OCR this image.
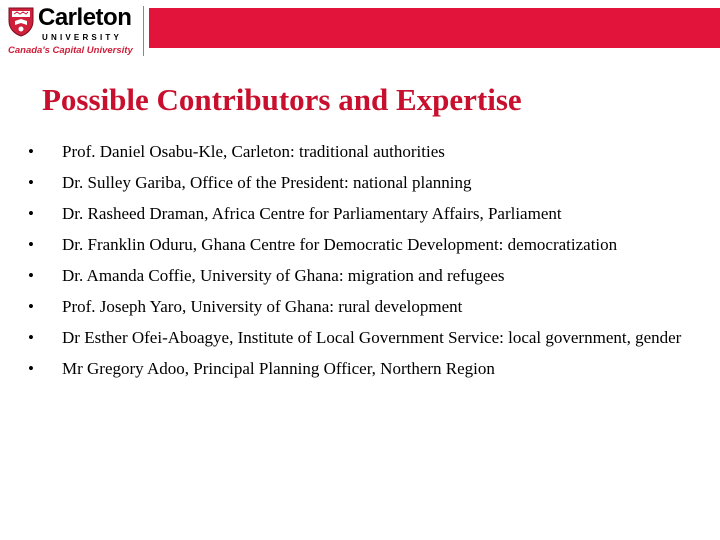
Carleton
UNIVERSITY
Canada's Capital University
Possible Contributors and Expertise
• Prof. Daniel Osabu-Kle, Carleton: traditional authorities
• Dr. Sulley Gariba, Office of the President: national planning
• Dr. Rasheed Draman, Africa Centre for Parliamentary Affairs, Parliament
• Dr. Franklin Oduru, Ghana Centre for Democratic Development: democratization
• Dr. Amanda Coffie, University of Ghana: migration and refugees
• Prof. Joseph Yaro, University of Ghana: rural development
• Dr Esther Ofei-Aboagye, Institute of Local Government Service: local government, gender
• Mr Gregory Adoo, Principal Planning Officer, Northern Region
